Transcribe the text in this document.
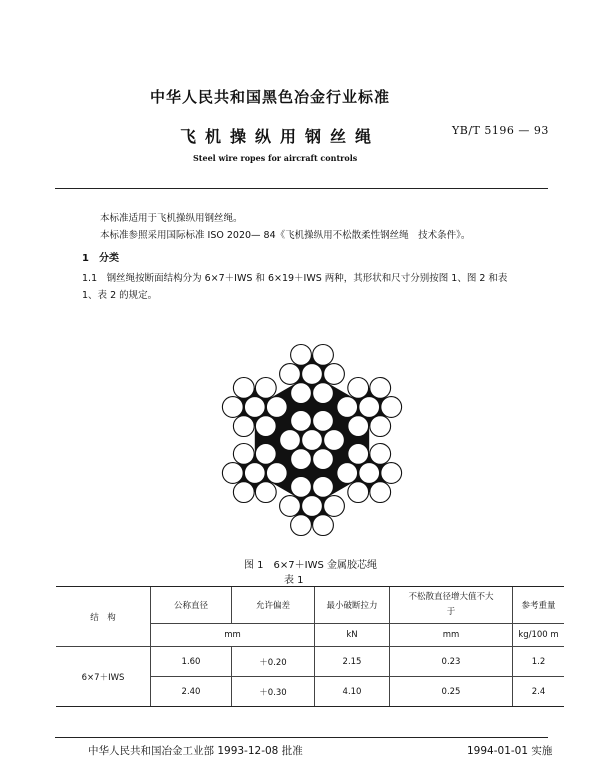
中华人民共和国黑色冶金行业标准
飞机操纵用钢丝绳	YB/T 5196 — 93
Steel wire ropes for aircraft controls
本标准适用于飞机操纵用钢丝绳。
本标准参照采用国际标准 ISO 2020— 84《飞机操纵用不松散柔性钢丝绳　技术条件》。
1　分类
1.1　钢丝绳按断面结构分为 6×7＋IWS 和 6×19＋IWS 两种，其形状和尺寸分别按图 1、图 2 和表
1、表 2 的规定。
图 1　6×7＋IWS 金属胶芯绳
表 1
结　构	公称直径	允许偏差	最小破断拉力	不松散直径增大值不大于	参考重量
	mm		kN	mm	kg/100 m
6×7＋IWS	1.60	＋0.20	2.15	0.23	1.2
	2.40	＋0.30	4.10	0.25	2.4
中华人民共和国冶金工业部 1993-12-08 批准	1994-01-01 实施
